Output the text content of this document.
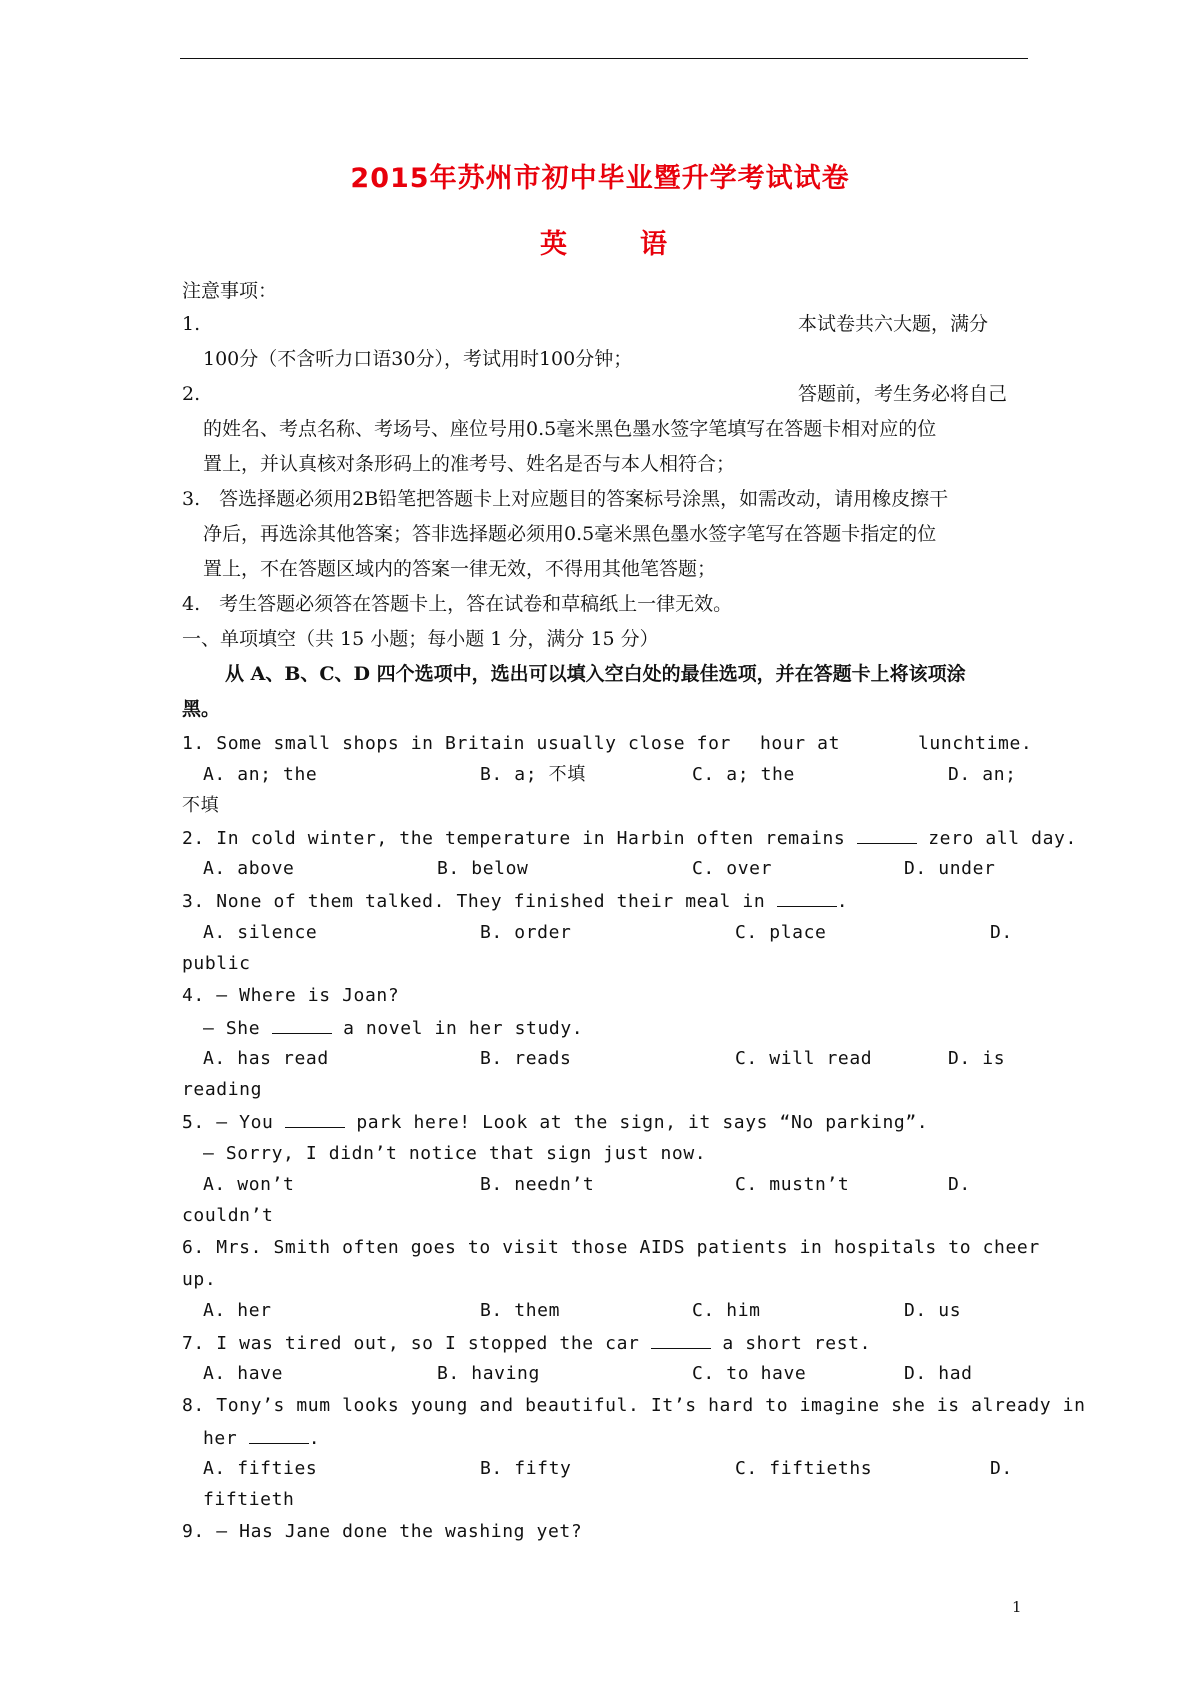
2015年苏州市初中毕业暨升学考试试卷
英	语
注意事项：
1.	本试卷共六大题，满分
100分（不含听力口语30分），考试用时100分钟；
2.	答题前，考生务必将自己
的姓名、考点名称、考场号、座位号用0.5毫米黑色墨水签字笔填写在答题卡相对应的位
置上，并认真核对条形码上的准考号、姓名是否与本人相符合；
3.　答选择题必须用2B铅笔把答题卡上对应题目的答案标号涂黑，如需改动，请用橡皮擦干
净后，再选涂其他答案；答非选择题必须用0.5毫米黑色墨水签字笔写在答题卡指定的位
置上，不在答题区域内的答案一律无效，不得用其他笔答题；
4.　考生答题必须答在答题卡上，答在试卷和草稿纸上一律无效。
一、单项填空（共 15 小题；每小题 1 分，满分 15 分）
从 A、B、C、D 四个选项中，选出可以填入空白处的最佳选项，并在答题卡上将该项涂
黑。
1. Some small shops in Britain usually close for hour at	lunchtime.
A. an; the	B. a; 不填	C. a; the	D. an;
不填
2. In cold winter, the temperature in Harbin often remains	zero all day.
A. above	B. below	C. over	D. under
3. None of them talked. They finished their meal in	.
A. silence	B. order	C. place	D.
public
4. — Where is Joan?
— She	a novel in her study.
A. has read	B. reads	C. will read	D. is
reading
5. — You	park here! Look at the sign, it says “No parking”.
— Sorry, I didn’t notice that sign just now.
A. won’t	B. needn’t	C. mustn’t	D.
couldn’t
6. Mrs. Smith often goes to visit those AIDS patients in hospitals to cheer
up.
A. her	B. them	C. him	D. us
7. I was tired out, so I stopped the car	a short rest.
A. have	B. having	C. to have	D. had
8. Tony’s mum looks young and beautiful. It’s hard to imagine she is already in
her	.
A. fifties	B. fifty	C. fiftieths	D.
fiftieth
9. — Has Jane done the washing yet?
1
